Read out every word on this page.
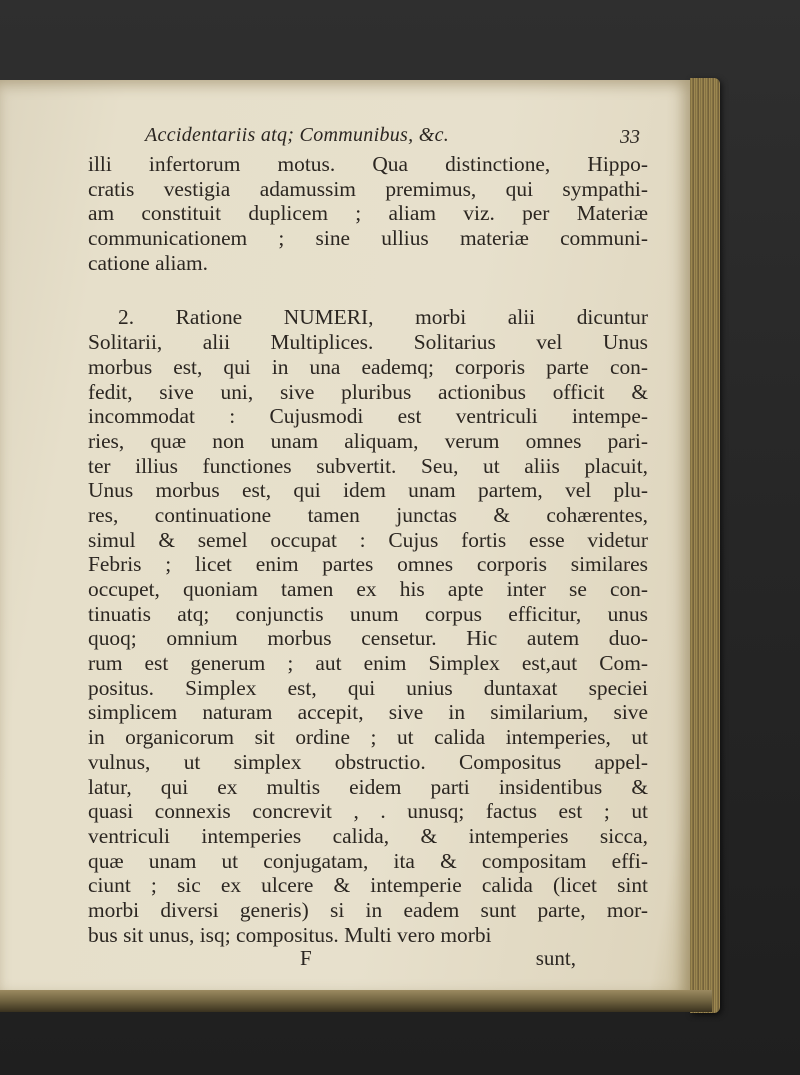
Accidentariis atq; Communibus, &c.	33
illi infertorum motus. Qua distinctione, Hippo-
cratis vestigia adamussim premimus, qui sympathi-
am constituit duplicem ; aliam viz. per Materiæ
communicationem ; sine ullius materiæ communi-
catione aliam.
2. Ratione NUMERI, morbi alii dicuntur
Solitarii, alii Multiplices. Solitarius vel Unus
morbus est, qui in una eademq; corporis parte con-
fedit, sive uni, sive pluribus actionibus officit &
incommodat : Cujusmodi est ventriculi intempe-
ries, quæ non unam aliquam, verum omnes pari-
ter illius functiones subvertit. Seu, ut aliis placuit,
Unus morbus est, qui idem unam partem, vel plu-
res, continuatione tamen junctas & cohærentes,
simul & semel occupat : Cujus fortis esse videtur
Febris ; licet enim partes omnes corporis similares
occupet, quoniam tamen ex his apte inter se con-
tinuatis atq; conjunctis unum corpus efficitur, unus
quoq; omnium morbus censetur. Hic autem duo-
rum est generum ; aut enim Simplex est,aut Com-
positus. Simplex est, qui unius duntaxat speciei
simplicem naturam accepit, sive in similarium, sive
in organicorum sit ordine ; ut calida intemperies, ut
vulnus, ut simplex obstructio. Compositus appel-
latur, qui ex multis eidem parti insidentibus &
quasi connexis concrevit , . unusq; factus est ; ut
ventriculi intemperies calida, & intemperies sicca,
quæ unam ut conjugatam, ita & compositam effi-
ciunt ; sic ex ulcere & intemperie calida (licet sint
morbi diversi generis) si in eadem sunt parte, mor-
bus sit unus, isq; compositus. Multi vero morbi
F	sunt,
